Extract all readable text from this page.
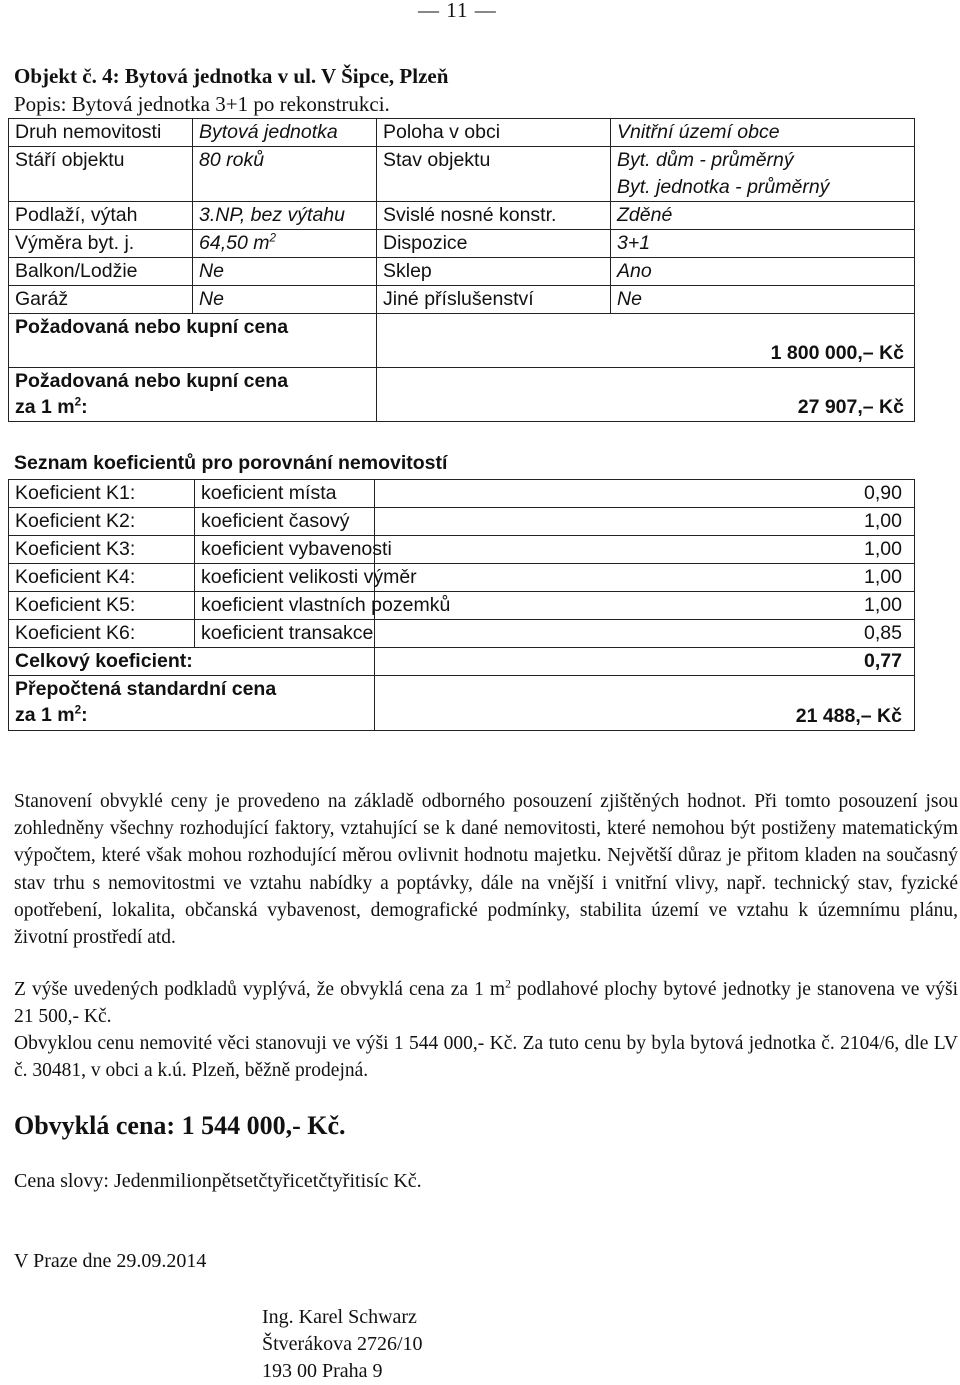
— 11 —
Objekt č. 4: Bytová jednotka v ul. V Šipce, Plzeň
Popis: Bytová jednotka 3+1 po rekonstrukci.
Druh nemovitosti	Bytová jednotka	Poloha v obci	Vnitřní území obce
Stáří objektu	80 roků	Stav objektu	Byt. dům - průměrný
Byt. jednotka - průměrný

Podlaží, výtah	3.NP, bez výtahu	Svislé nosné konstr.	Zděné
Výměra byt. j.	64,50 $m^2$	Dispozice	3+1
Balkon/Lodžie	Ne	Sklep	Ano
Garáž	Ne	Jiné příslušenství	Ne
Požadovaná nebo kupní cena		1 800 000,– Kč	

Požadovaná nebo kupní cena
za 1 $m^2$:		27 907,– Kč	
Seznam koeficientů pro porovnání nemovitostí
Koeficient K1:	koeficient místa	0,90
Koeficient K2:	koeficient časový	1,00
Koeficient K3:	koeficient vybavenosti	1,00
Koeficient K4:	koeficient velikosti výměr	1,00
Koeficient K5:	koeficient vlastních pozemků	1,00
Koeficient K6:	koeficient transakce	0,85
Celkový koeficient:		0,77

Přepočtená standardní cena
za 1 $m^2$:		21 488,– Kč
Stanovení obvyklé ceny je provedeno na základě odborného posouzení zjištěných hodnot. Při tomto posouzení jsou zohledněny všechny rozhodující faktory, vztahující se k dané nemovitosti, které nemohou být postiženy matematickým výpočtem, které však mohou rozhodující měrou ovlivnit hodnotu majetku. Největší důraz je přitom kladen na současný stav trhu s nemovitostmi ve vztahu nabídky a poptávky, dále na vnější i vnitřní vlivy, např. technický stav, fyzické opotřebení, lokalita, občanská vybavenost, demografické podmínky, stabilita území ve vztahu k územnímu plánu, životní prostředí atd.
Z výše uvedených podkladů vyplývá, že obvyklá cena za 1 $m^2$ podlahové plochy bytové jednotky je stanovena ve výši 21 500,- Kč.
Obvyklou cenu nemovité věci stanovuji ve výši 1 544 000,- Kč. Za tuto cenu by byla bytová jednotka č. 2104/6, dle LV č. 30481, v obci a k.ú. Plzeň, běžně prodejná.
Obvyklá cena: 1 544 000,- Kč.
Cena slovy: Jedenmilionpětsetčtyřicetčtyřitisíc Kč.
V Praze dne 29.09.2014
Ing. Karel Schwarz
Štverákova 2726/10
193 00 Praha 9
